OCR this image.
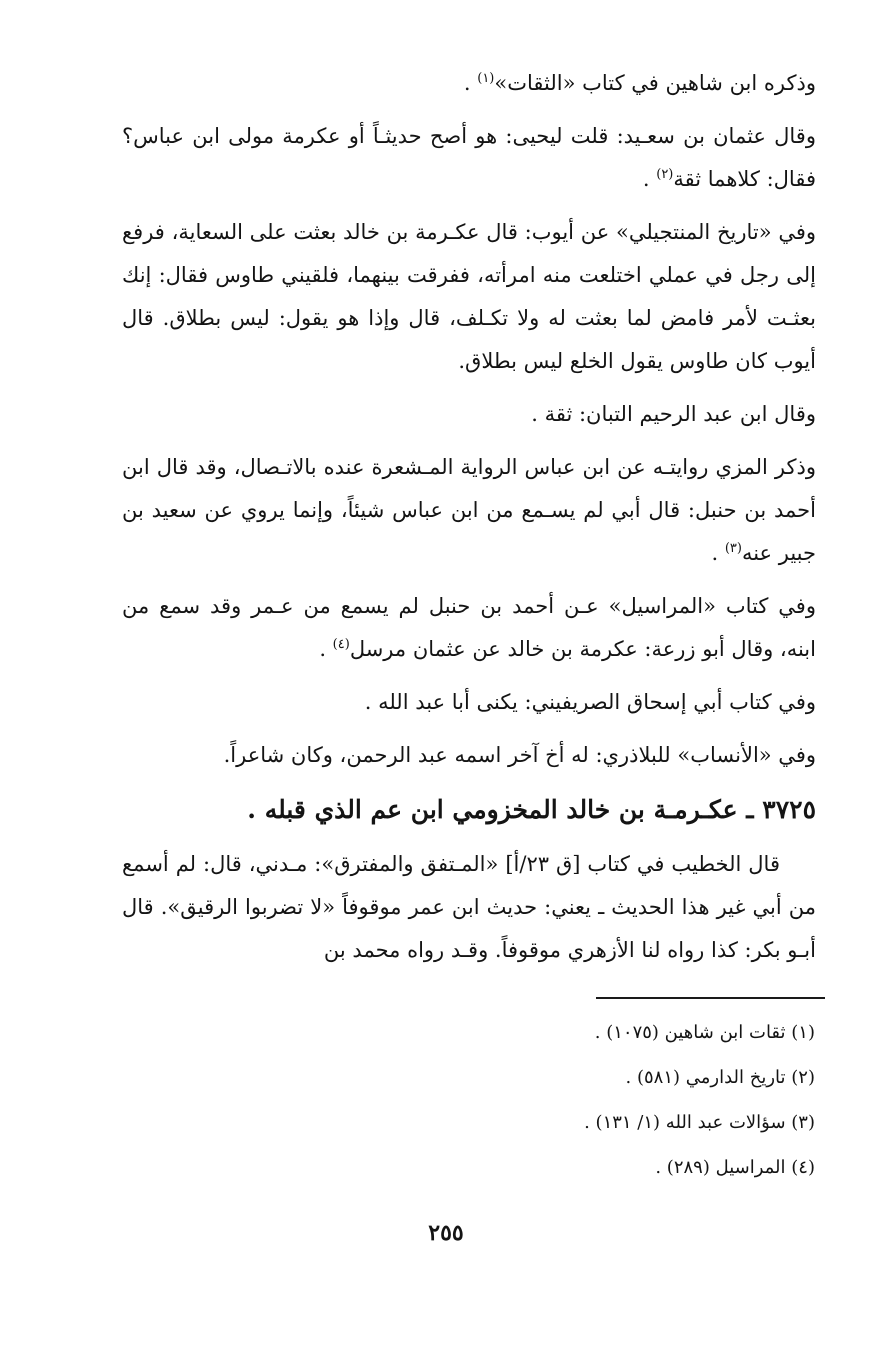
وذكره ابن شاهين في كتاب «الثقات»$^{(١)}$ .

وقال عثمان بن سعـيد: قلت ليحيى: هو أصح حديثـاً أو عكرمة مولى ابن عباس؟ فقال: كلاهما ثقة$^{(٢)}$ .

وفي «تاريخ المنتجيلي» عن أيوب: قال عكـرمة بن خالد بعثت على السعاية، فرفع إلى رجل في عملي اختلعت منه امرأته، ففرقت بينهما، فلقيني طاوس فقال: إنك بعثـت لأمر فامض لما بعثت له ولا تكـلف، قال وإذا هو يقول: ليس بطلاق. قال أيوب كان طاوس يقول الخلع ليس بطلاق.

وقال ابن عبد الرحيم التبان: ثقة .

وذكر المزي روايتـه عن ابن عباس الرواية المـشعرة عنده بالاتـصال، وقد قال ابن أحمد بن حنبل: قال أبي لم يسـمع من ابن عباس شيئاً، وإنما يروي عن سعيد بن جبير عنه$^{(٣)}$ .

وفي كتاب «المراسيل» عـن أحمد بن حنبل لم يسمع من عـمر وقد سمع من ابنه، وقال أبو زرعة: عكرمة بن خالد عن عثمان مرسل$^{(٤)}$ .

وفي كتاب أبي إسحاق الصريفيني: يكنى أبا عبد الله .

وفي «الأنساب» للبلاذري: له أخ آخر اسمه عبد الرحمن، وكان شاعراً.

٣٧٢٥ ـ عكـرمـة بن خالد المخزومي ابن عم الذي قبله .

قال الخطيب في كتاب [ق ٢٣/أ] «المـتفق والمفترق»: مـدني، قال: لم أسمع من أبي غير هذا الحديث ـ يعني: حديث ابن عمر موقوفاً «لا تضربوا الرقيق». قال أبـو بكر: كذا رواه لنا الأزهري موقوفاً. وقـد رواه محمد بن

(١) ثقات ابن شاهين (١٠٧٥) .

(٢) تاريخ الدارمي (٥٨١) .

(٣) سؤالات عبد الله (١/ ١٣١) .

(٤) المراسيل (٢٨٩) .

٢٥٥
